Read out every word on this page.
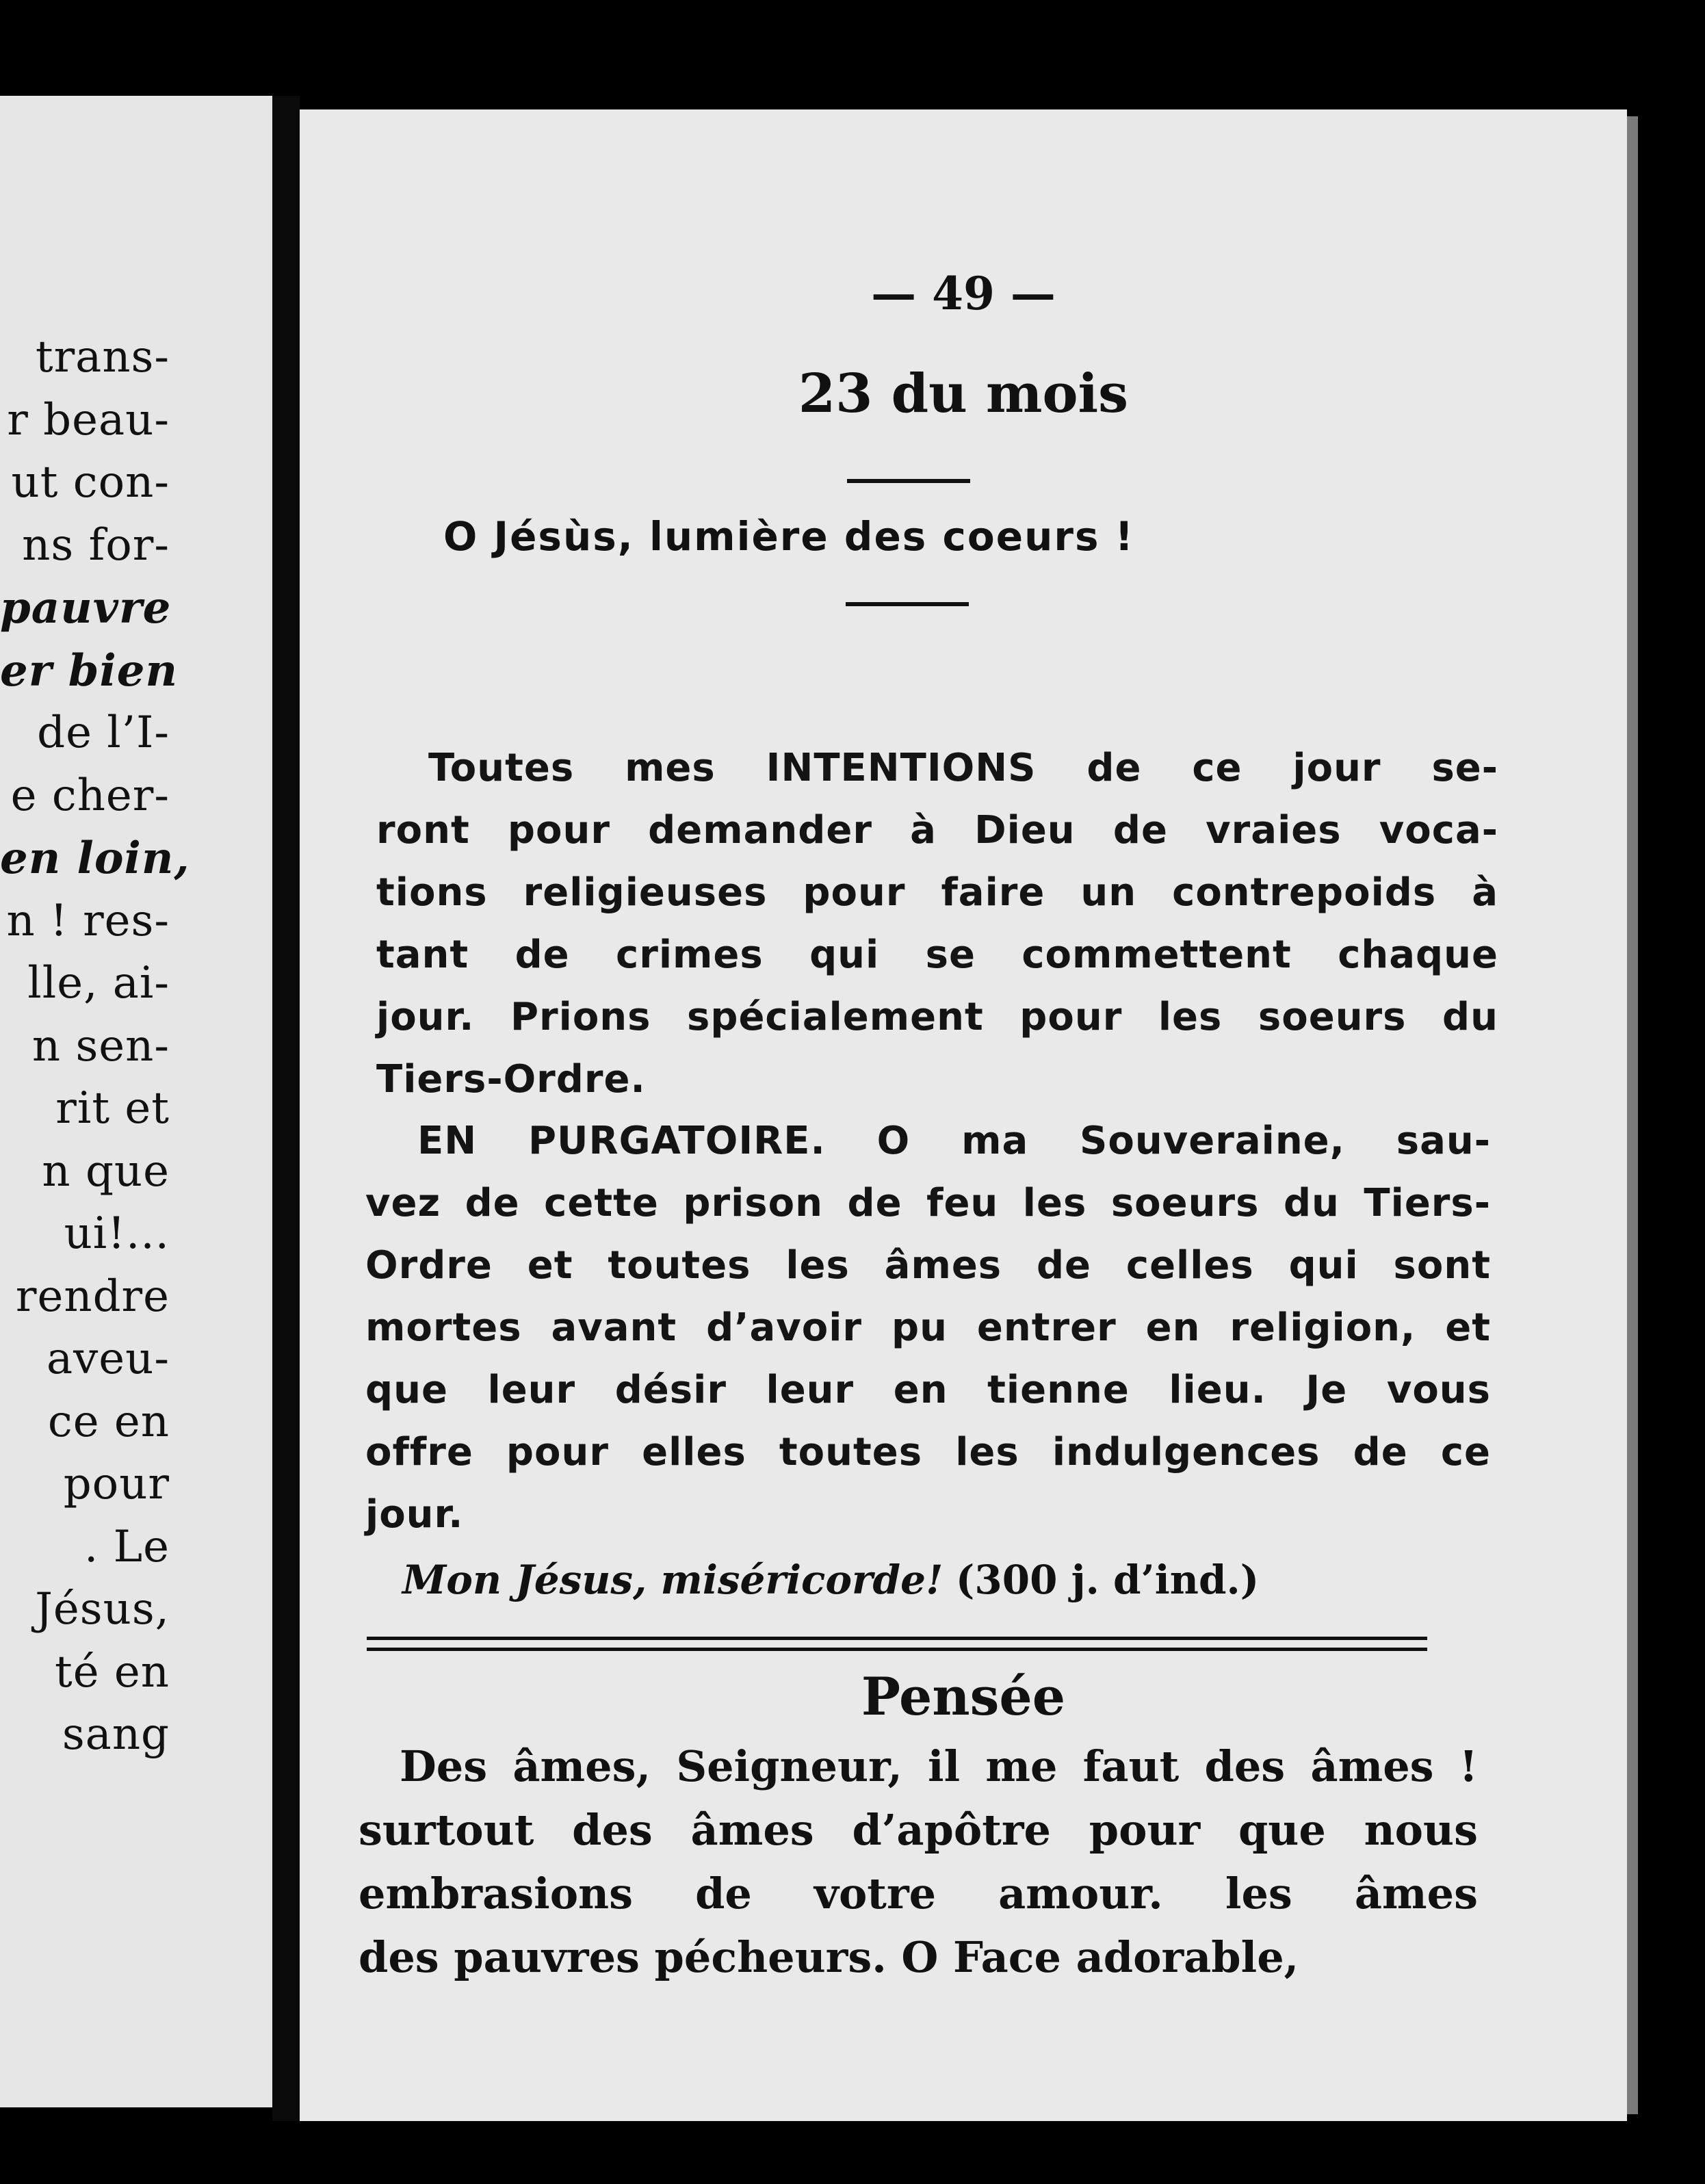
trans-
r beau-
ut con-
ns for-
pauvre
er bien
de l’I-
e cher-
en loin,
n ! res-
lle, ai-
n sen-
rit et
n que
ui!...
rendre
aveu-
ce en
pour
. Le
Jésus,
té en
sang
— 49 —
23 du mois
O Jésùs, lumière des coeurs !
Mon Jésus, miséricorde! (300 j. d’ind.)
Pensée
Toutes mes INTENTIONS de ce jour se-
ront pour demander à Dieu de vraies voca-
tions religieuses pour faire un contrepoids à
tant de crimes qui se commettent chaque
jour. Prions spécialement pour les soeurs du
Tiers-Ordre.
EN PURGATOIRE. O ma Souveraine, sau-
vez de cette prison de feu les soeurs du Tiers-
Ordre et toutes les âmes de celles qui sont
mortes avant d’avoir pu entrer en religion, et
que leur désir leur en tienne lieu. Je vous
offre pour elles toutes les indulgences de ce
jour.
Des âmes, Seigneur, il me faut des âmes !
surtout des âmes d’apôtre pour que nous
embrasions de votre amour. les âmes
des pauvres pécheurs. O Face adorable,
